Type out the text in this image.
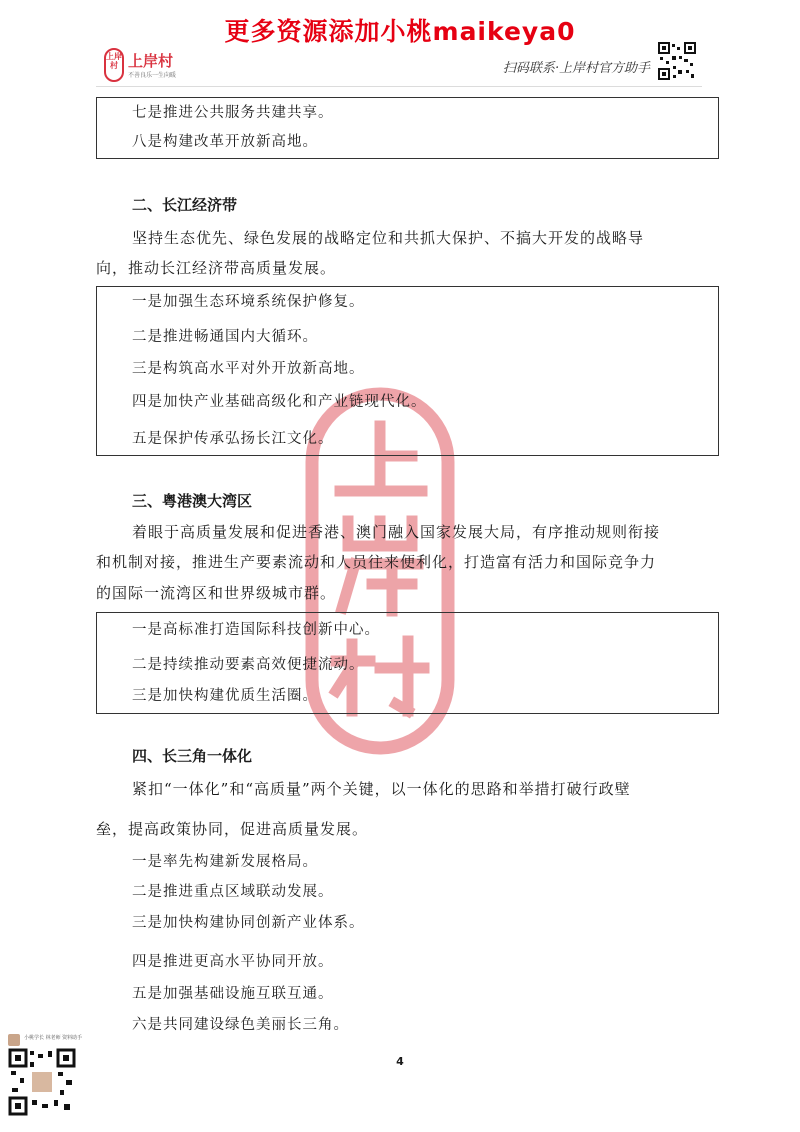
更多资源添加小桃maikeya0
上岸村 上岸村
不善良乐一生向暖	扫码联系·上岸村官方助手
七是推进公共服务共建共享。
八是构建改革开放新高地。
二、长江经济带
坚持生态优先、绿色发展的战略定位和共抓大保护、不搞大开发的战略导
向，推动长江经济带高质量发展。
一是加强生态环境系统保护修复。
二是推进畅通国内大循环。
三是构筑高水平对外开放新高地。
四是加快产业基础高级化和产业链现代化。
五是保护传承弘扬长江文化。
三、粤港澳大湾区
着眼于高质量发展和促进香港、澳门融入国家发展大局，有序推动规则衔接
和机制对接，推进生产要素流动和人员往来便利化，打造富有活力和国际竞争力
的国际一流湾区和世界级城市群。
一是高标准打造国际科技创新中心。
二是持续推动要素高效便捷流动。
三是加快构建优质生活圈。
四、长三角一体化
紧扣“一体化”和“高质量”两个关键，以一体化的思路和举措打破行政壁
垒，提高政策协同，促进高质量发展。
一是率先构建新发展格局。
二是推进重点区域联动发展。
三是加快构建协同创新产业体系。
四是推进更高水平协同开放。
五是加强基础设施互联互通。
六是共同建设绿色美丽长三角。
4
小桃学长 林老师 资料助手
